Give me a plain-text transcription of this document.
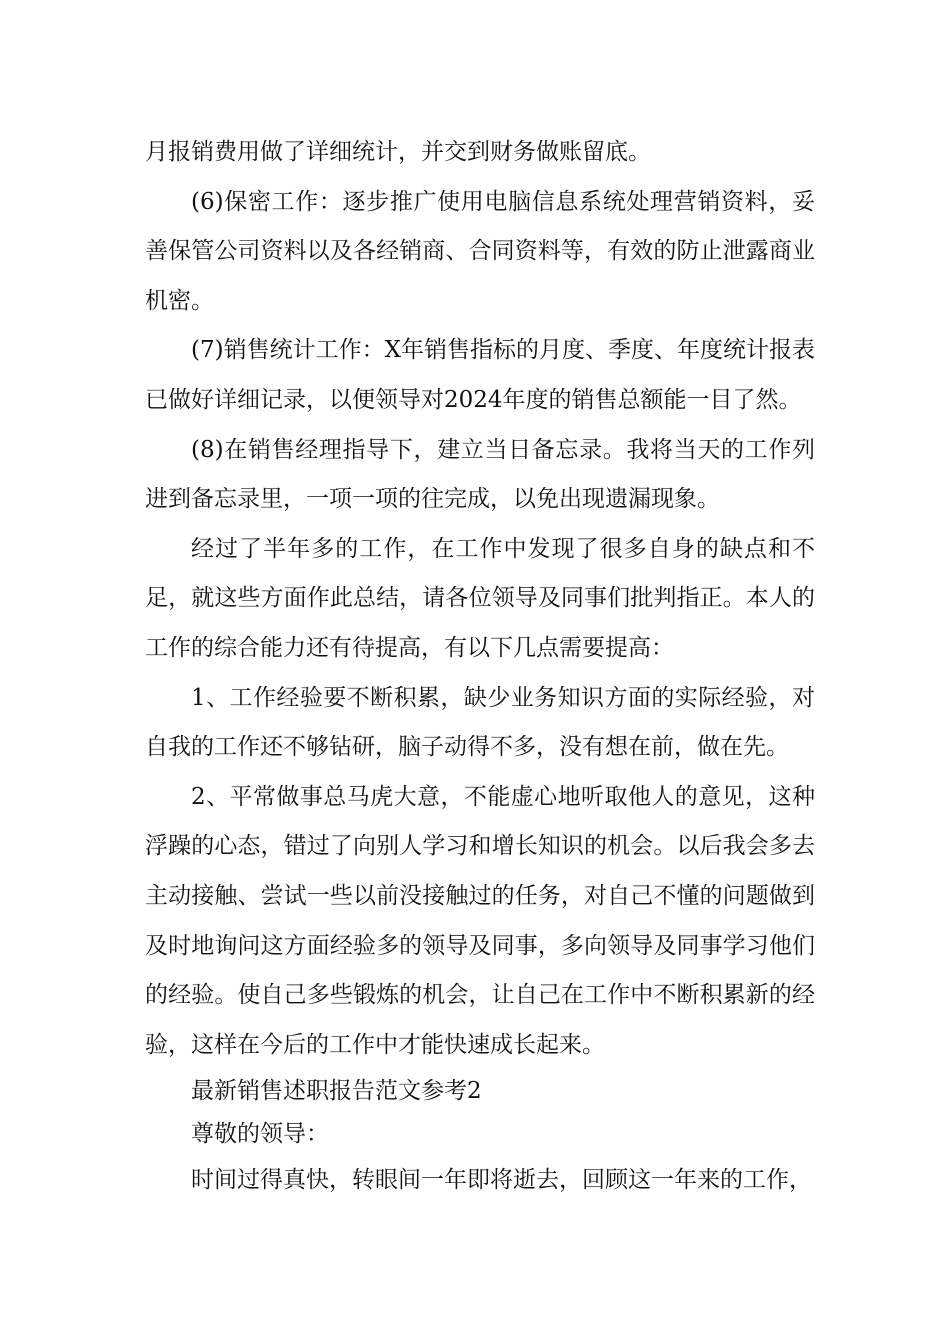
月报销费用做了详细统计，并交到财务做账留底。

(6)保密工作：逐步推广使用电脑信息系统处理营销资料，妥善保管公司资料以及各经销商、合同资料等，有效的防止泄露商业机密。

(7)销售统计工作：X年销售指标的月度、季度、年度统计报表已做好详细记录，以便领导对2024年度的销售总额能一目了然。

(8)在销售经理指导下，建立当日备忘录。我将当天的工作列进到备忘录里，一项一项的往完成，以免出现遗漏现象。

经过了半年多的工作，在工作中发现了很多自身的缺点和不足，就这些方面作此总结，请各位领导及同事们批判指正。本人的工作的综合能力还有待提高，有以下几点需要提高：

1、工作经验要不断积累，缺少业务知识方面的实际经验，对自我的工作还不够钻研，脑子动得不多，没有想在前，做在先。

2、平常做事总马虎大意，不能虚心地听取他人的意见，这种浮躁的心态，错过了向别人学习和增长知识的机会。以后我会多去主动接触、尝试一些以前没接触过的任务，对自己不懂的问题做到及时地询问这方面经验多的领导及同事，多向领导及同事学习他们的经验。使自己多些锻炼的机会，让自己在工作中不断积累新的经验，这样在今后的工作中才能快速成长起来。

最新销售述职报告范文参考2

尊敬的领导：

时间过得真快，转眼间一年即将逝去，回顾这一年来的工作，
